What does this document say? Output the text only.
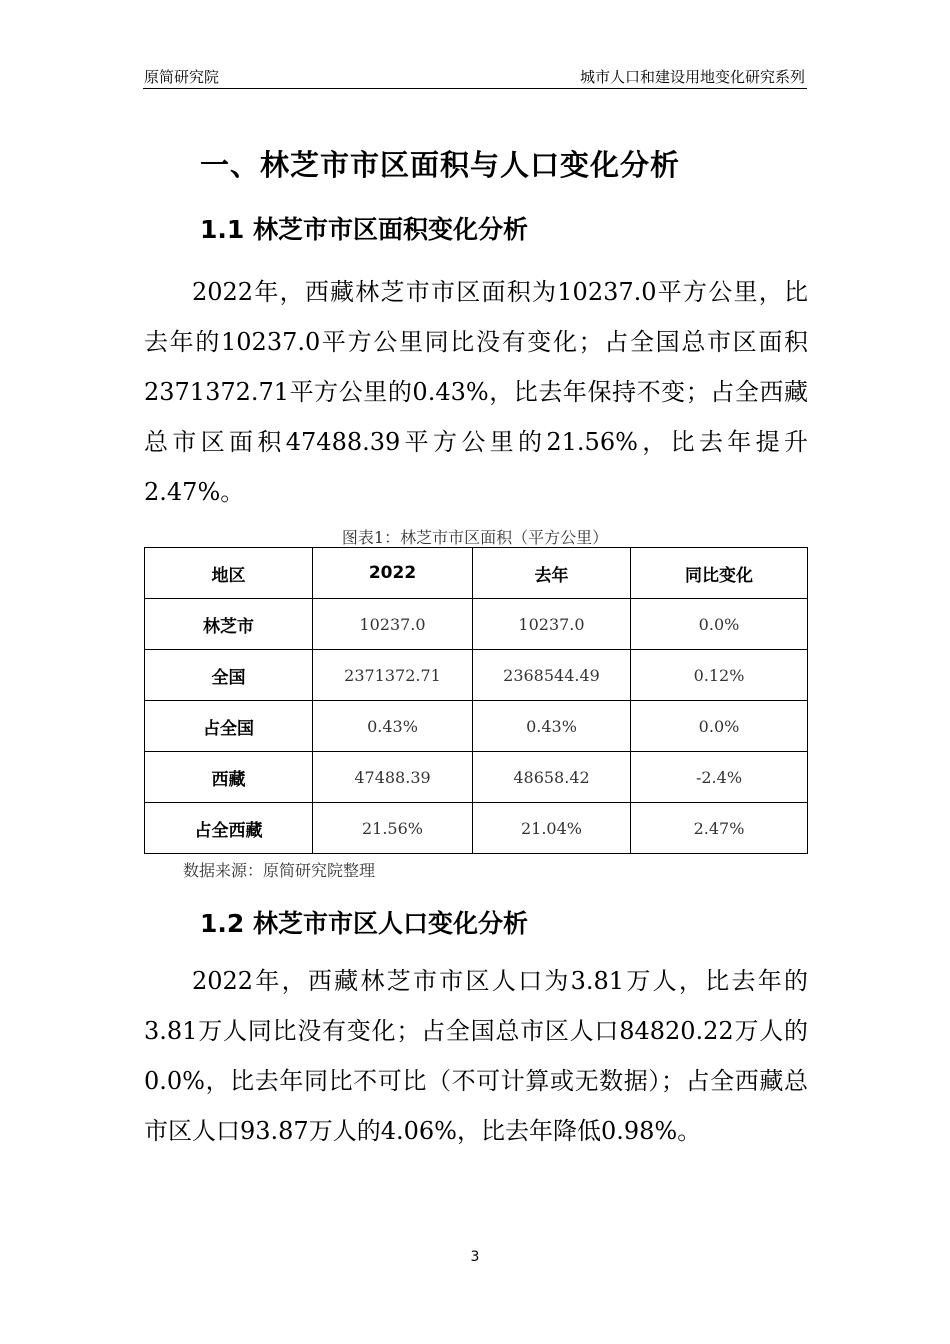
原简研究院	城市人口和建设用地变化研究系列
一、林芝市市区面积与人口变化分析
1.1 林芝市市区面积变化分析
2022年，西藏林芝市市区面积为10237.0平方公里，比去年的10237.0平方公里同比没有变化；占全国总市区面积2371372.71平方公里的0.43%，比去年保持不变；占全西藏总市区面积47488.39平方公里的21.56%，比去年提升2.47%。
图表1：林芝市市区面积（平方公里）
地区	2022	去年	同比变化
林芝市	10237.0	10237.0	0.0%
全国	2371372.71	2368544.49	0.12%
占全国	0.43%	0.43%	0.0%
西藏	47488.39	48658.42	-2.4%
占全西藏	21.56%	21.04%	2.47%
数据来源：原简研究院整理
1.2 林芝市市区人口变化分析
2022年，西藏林芝市市区人口为3.81万人，比去年的3.81万人同比没有变化；占全国总市区人口84820.22万人的0.0%，比去年同比不可比（不可计算或无数据）；占全西藏总市区人口93.87万人的4.06%，比去年降低0.98%。
3
